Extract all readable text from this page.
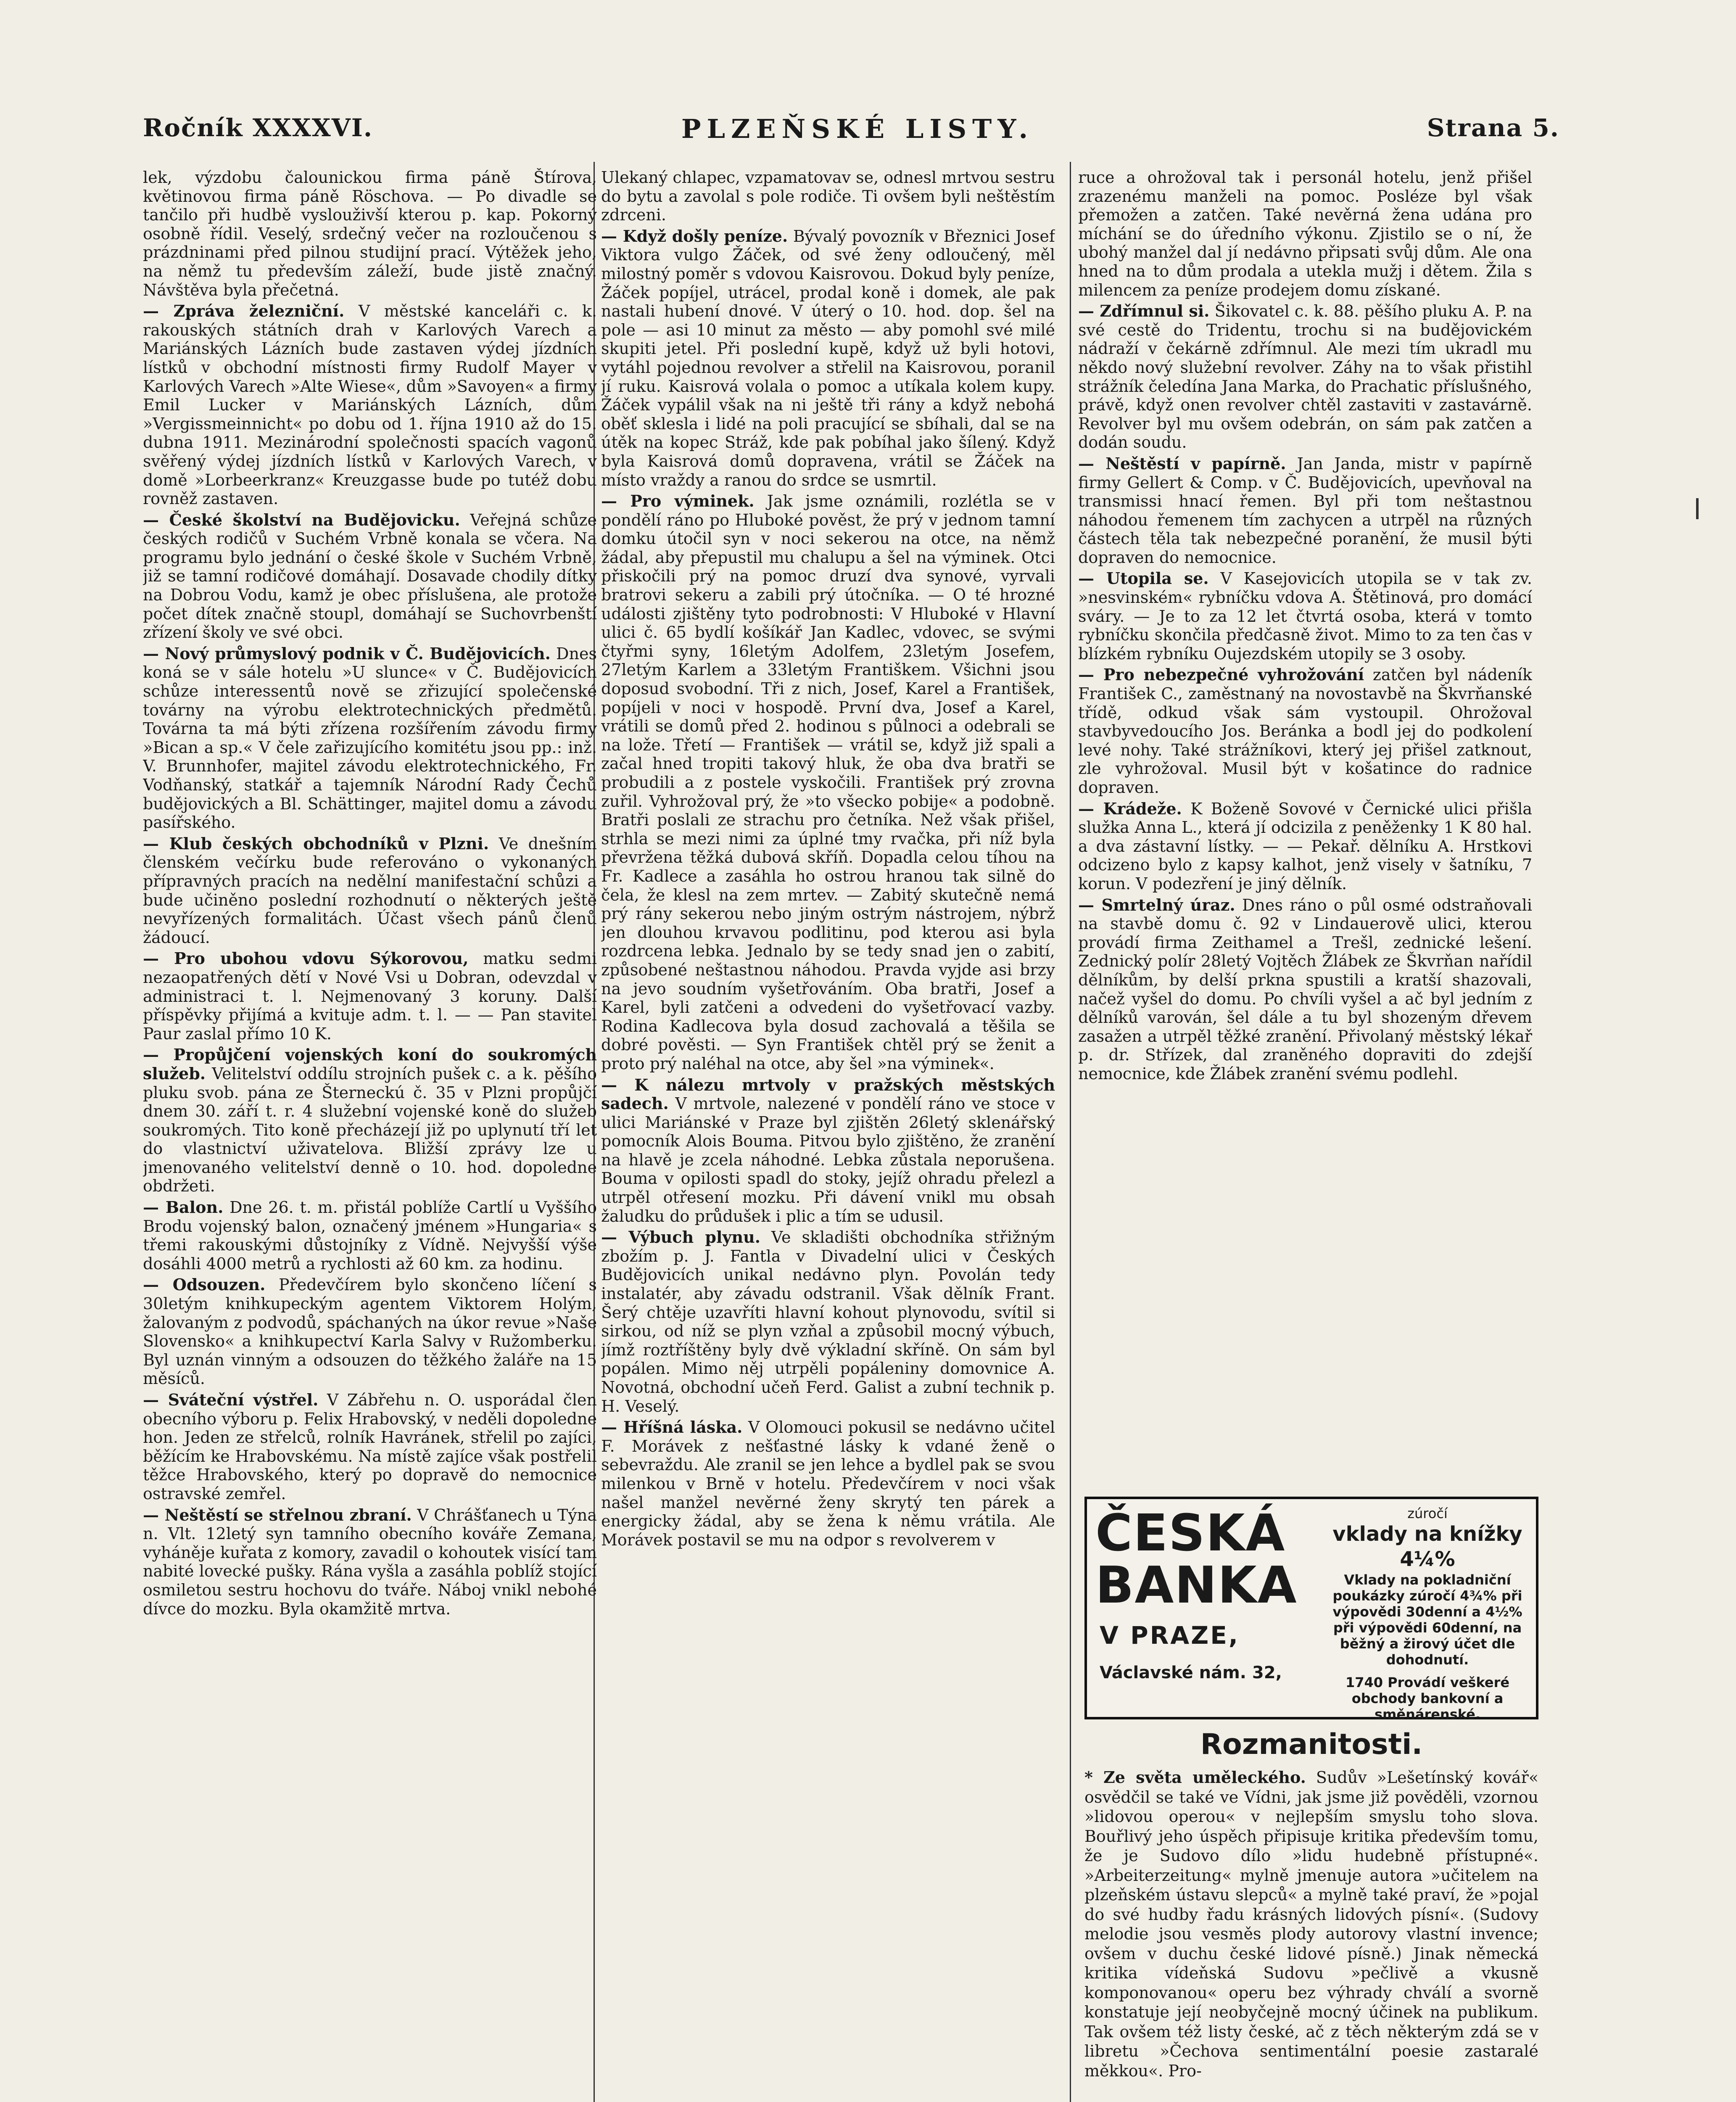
Ročník XXXXVI.	PLZEŇSKÉ LISTY.	Strana 5.

lek, výzdobu čalounickou firma páně Štírova, květinovou firma páně Röschova. — Po divadle se tančilo při hudbě vyslouživší kterou p. kap. Pokorný osobně řídil. Veselý, srdečný večer na rozloučenou s prázdninami před pilnou studijní prací. Výtěžek jeho, na němž tu především záleží, bude jistě značný. Návštěva byla přečetná.

— Zpráva železniční. V městské kanceláři c. k. rakouských státních drah v Karlových Varech a Mariánských Lázních bude zastaven výdej jízdních lístků v obchodní místnosti firmy Rudolf Mayer v Karlových Varech »Alte Wiese«, dům »Savoyen« a firmy Emil Lucker v Mariánských Lázních, dům »Vergissmeinnicht« po dobu od 1. října 1910 až do 15. dubna 1911. Mezinárodní společnosti spacích vagonů svěřený výdej jízdních lístků v Karlových Varech, v domě »Lorbeerkranz« Kreuzgasse bude po tutéž dobu rovněž zastaven.

— České školství na Budějovicku. Veřejná schůze českých rodičů v Suchém Vrbně konala se včera. Na programu bylo jednání o české škole v Suchém Vrbně, již se tamní rodičové domáhají. Dosavade chodily dítky na Dobrou Vodu, kamž je obec příslušena, ale protože počet dítek značně stoupl, domáhají se Suchovrbenští zřízení školy ve své obci.

— Nový průmyslový podnik v Č. Budějovicích. Dnes koná se v sále hotelu »U slunce« v Č. Budějovicích schůze interessentů nově se zřizující společenské továrny na výrobu elektrotechnických předmětů. Továrna ta má býti zřízena rozšířením závodu firmy »Bican a sp.« V čele zařizujícího komitétu jsou pp.: inž. V. Brunnhofer, majitel závodu elektrotechnického, Fr. Vodňanský, statkář a tajemník Národní Rady Čechů budějovických a Bl. Schättinger, majitel domu a závodu pasířského.

— Klub českých obchodníků v Plzni. Ve dnešním členském večírku bude referováno o vykonaných přípravných pracích na nedělní manifestační schůzi a bude učiněno poslední rozhodnutí o některých ještě nevyřízených formalitách. Účast všech pánů členů žádoucí.

— Pro ubohou vdovu Sýkorovou, matku sedmi nezaopatřených dětí v Nové Vsi u Dobran, odevzdal v administraci t. l. Nejmenovaný 3 koruny. Další příspěvky přijímá a kvituje adm. t. l. — — Pan stavitel Paur zaslal přímo 10 K.

— Propůjčení vojenských koní do soukromých služeb. Velitelství oddílu strojních pušek c. a k. pěšího pluku svob. pána ze Šterneckú č. 35 v Plzni propůjčí dnem 30. září t. r. 4 služební vojenské koně do služeb soukromých. Tito koně přecházejí již po uplynutí tří let do vlastnictví uživatelova. Bližší zprávy lze u jmenovaného velitelství denně o 10. hod. dopoledne obdržeti.

— Balon. Dne 26. t. m. přistál poblíže Cartlí u Vyššího Brodu vojenský balon, označený jménem »Hungaria« s třemi rakouskými důstojníky z Vídně. Nejvyšší výše dosáhli 4000 metrů a rychlosti až 60 km. za hodinu.

— Odsouzen. Předevčírem bylo skončeno líčení s 30letým knihkupeckým agentem Viktorem Holým, žalovaným z podvodů, spáchaných na úkor revue »Naše Slovensko« a knihkupectví Karla Salvy v Ružomberku. Byl uznán vinným a odsouzen do těžkého žaláře na 15 měsíců.

— Sváteční výstřel. V Zábřehu n. O. usporádal člen obecního výboru p. Felix Hrabovský, v neděli dopoledne hon. Jeden ze střelců, rolník Havránek, střelil po zajíci, běžícím ke Hrabovskému. Na místě zajíce však postřelil těžce Hrabovského, který po dopravě do nemocnice ostravské zemřel.

— Neštěstí se střelnou zbraní. V Chrášťanech u Týna n. Vlt. 12letý syn tamního obecního kováře Zemana, vyháněje kuřata z komory, zavadil o kohoutek visící tam nabité lovecké pušky. Rána vyšla a zasáhla poblíž stojící osmiletou sestru hochovu do tváře. Náboj vnikl nebohé dívce do mozku. Byla okamžitě mrtva.

Ulekaný chlapec, vzpamatovav se, odnesl mrtvou sestru do bytu a zavolal s pole rodiče. Ti ovšem byli neštěstím zdrceni.

— Když došly peníze. Bývalý povozník v Březnici Josef Viktora vulgo Žáček, od své ženy odloučený, měl milostný poměr s vdovou Kaisrovou. Dokud byly peníze, Žáček popíjel, utrácel, prodal koně i domek, ale pak nastali hubení dnové. V úterý o 10. hod. dop. šel na pole — asi 10 minut za město — aby pomohl své milé skupiti jetel. Při poslední kupě, když už byli hotovi, vytáhl pojednou revolver a střelil na Kaisrovou, poranil jí ruku. Kaisrová volala o pomoc a utíkala kolem kupy. Žáček vypálil však na ni ještě tři rány a když nebohá oběť sklesla i lidé na poli pracující se sbíhali, dal se na útěk na kopec Stráž, kde pak pobíhal jako šílený. Když byla Kaisrová domů dopravena, vrátil se Žáček na místo vraždy a ranou do srdce se usmrtil.

— Pro výminek. Jak jsme oznámili, rozlétla se v pondělí ráno po Hluboké pověst, že prý v jednom tamní domku útočil syn v noci sekerou na otce, na němž žádal, aby přepustil mu chalupu a šel na výminek. Otci přiskočili prý na pomoc druzí dva synové, vyrvali bratrovi sekeru a zabili prý útočníka. — O té hrozné události zjištěny tyto podrobnosti: V Hluboké v Hlavní ulici č. 65 bydlí košíkář Jan Kadlec, vdovec, se svými čtyřmi syny, 16letým Adolfem, 23letým Josefem, 27letým Karlem a 33letým Františkem. Všichni jsou doposud svobodní. Tři z nich, Josef, Karel a František, popíjeli v noci v hospodě. První dva, Josef a Karel, vrátili se domů před 2. hodinou s půlnoci a odebrali se na lože. Třetí — František — vrátil se, když již spali a začal hned tropiti takový hluk, že oba dva bratři se probudili a z postele vyskočili. František prý zrovna zuřil. Vyhrožoval prý, že »to všecko pobije« a podobně. Bratři poslali ze strachu pro četníka. Než však přišel, strhla se mezi nimi za úplné tmy rvačka, při níž byla převržena těžká dubová skříň. Dopadla celou tíhou na Fr. Kadlece a zasáhla ho ostrou hranou tak silně do čela, že klesl na zem mrtev. — Zabitý skutečně nemá prý rány sekerou nebo jiným ostrým nástrojem, nýbrž jen dlouhou krvavou podlitinu, pod kterou asi byla rozdrcena lebka. Jednalo by se tedy snad jen o zabití, způsobené neštastnou náhodou. Pravda vyjde asi brzy na jevo soudním vyšetřováním. Oba bratři, Josef a Karel, byli zatčeni a odvedeni do vyšetřovací vazby. Rodina Kadlecova byla dosud zachovalá a těšila se dobré pověsti. — Syn František chtěl prý se ženit a proto prý naléhal na otce, aby šel »na výminek«.

— K nálezu mrtvoly v pražských městských sadech. V mrtvole, nalezené v pondělí ráno ve stoce v ulici Mariánské v Praze byl zjištěn 26letý sklenářský pomocník Alois Bouma. Pitvou bylo zjištěno, že zranění na hlavě je zcela náhodné. Lebka zůstala neporušena. Bouma v opilosti spadl do stoky, jejíž ohradu přelezl a utrpěl otřesení mozku. Při dávení vnikl mu obsah žaludku do průdušek i plic a tím se udusil.

— Výbuch plynu. Ve skladišti obchodníka střižným zbožím p. J. Fantla v Divadelní ulici v Českých Budějovicích unikal nedávno plyn. Povolán tedy instalatér, aby závadu odstranil. Však dělník Frant. Šerý chtěje uzavříti hlavní kohout plynovodu, svítil si sirkou, od níž se plyn vzňal a způsobil mocný výbuch, jímž roztříštěny byly dvě výkladní skříně. On sám byl popálen. Mimo něj utrpěli popáleniny domovnice A. Novotná, obchodní učeň Ferd. Galist a zubní technik p. H. Veselý.

— Hříšná láska. V Olomouci pokusil se nedávno učitel F. Morávek z nešťastné lásky k vdané ženě o sebevraždu. Ale zranil se jen lehce a bydlel pak se svou milenkou v Brně v hotelu. Předevčírem v noci však našel manžel nevěrné ženy skrytý ten párek a energicky žádal, aby se žena k němu vrátila. Ale Morávek postavil se mu na odpor s revolverem v

ruce a ohrožoval tak i personál hotelu, jenž přišel zrazenému manželi na pomoc. Posléze byl však přemožen a zatčen. Také nevěrná žena udána pro míchání se do úředního výkonu. Zjistilo se o ní, že ubohý manžel dal jí nedávno připsati svůj dům. Ale ona hned na to dům prodala a utekla mužj i dětem. Žila s milencem za peníze prodejem domu získané.

— Zdřímnul si. Šikovatel c. k. 88. pěšího pluku A. P. na své cestě do Tridentu, trochu si na budějovickém nádraží v čekárně zdřímnul. Ale mezi tím ukradl mu někdo nový služební revolver. Záhy na to však přistihl strážník čeledína Jana Marka, do Prachatic příslušného, právě, když onen revolver chtěl zastaviti v zastavárně. Revolver byl mu ovšem odebrán, on sám pak zatčen a dodán soudu.

— Neštěstí v papírně. Jan Janda, mistr v papírně firmy Gellert & Comp. v Č. Budějovicích, upevňoval na transmissi hnací řemen. Byl při tom neštastnou náhodou řemenem tím zachycen a utrpěl na různých částech těla tak nebezpečné poranění, že musil býti dopraven do nemocnice.

— Utopila se. V Kasejovicích utopila se v tak zv. »nesvinském« rybníčku vdova A. Štětinová, pro domácí sváry. — Je to za 12 let čtvrtá osoba, která v tomto rybníčku skončila předčasně život. Mimo to za ten čas v blízkém rybníku Oujezdském utopily se 3 osoby.

— Pro nebezpečné vyhrožování zatčen byl nádeník František C., zaměstnaný na novostavbě na Škvrňanské třídě, odkud však sám vystoupil. Ohrožoval stavbyvedoucího Jos. Beránka a bodl jej do podkolení levé nohy. Také strážníkovi, který jej přišel zatknout, zle vyhrožoval. Musil být v košatince do radnice dopraven.

— Krádeže. K Boženě Sovové v Černické ulici přišla služka Anna L., která jí odcizila z peněženky 1 K 80 hal. a dva zástavní lístky. — — Pekař. dělníku A. Hrstkovi odcizeno bylo z kapsy kalhot, jenž visely v šatníku, 7 korun. V podezření je jiný dělník.

— Smrtelný úraz. Dnes ráno o půl osmé odstraňovali na stavbě domu č. 92 v Lindauerově ulici, kterou provádí firma Zeithamel a Trešl, zednické lešení. Zednický polír 28letý Vojtěch Žlábek ze Škvrňan nařídil dělníkům, by delší prkna spustili a kratší shazovali, načež vyšel do domu. Po chvíli vyšel a ač byl jedním z dělníků varován, šel dále a tu byl shozeným dřevem zasažen a utrpěl těžké zranění. Přivolaný městský lékař p. dr. Střízek, dal zraněného dopraviti do zdejší nemocnice, kde Žlábek zranění svému podlehl.

ČESKÁ BANKA
V PRAZE,
Václavské nám. 32,
zúročí
vklady na knížky 4¼%
Vklady na pokladniční poukázky zúročí 4¾% při výpovědi 30denní a 4½% při výpovědi 60denní, na běžný a žirový účet dle dohodnutí.
1740 Provádí veškeré obchody bankovní a směnárenské.
Rozmanitosti.
* Ze světa uměleckého. Sudův »Lešetínský kovář« osvědčil se také ve Vídni, jak jsme již pověděli, vzornou »lidovou operou« v nejlepším smyslu toho slova. Bouřlivý jeho úspěch připisuje kritika především tomu, že je Sudovo dílo »lidu hudebně přístupné«. »Arbeiterzeitung« mylně jmenuje autora »učitelem na plzeňském ústavu slepců« a mylně také praví, že »pojal do své hudby řadu krásných lidových písní«. (Sudovy melodie jsou vesměs plody autorovy vlastní invence; ovšem v duchu české lidové písně.) Jinak německá kritika vídeňská Sudovu »pečlivě a vkusně komponovanou« operu bez výhrady chválí a svorně konstatuje její neobyčejně mocný účinek na publikum. Tak ovšem též listy české, ač z těch některým zdá se v libretu »Čechova sentimentální poesie zastaralé měkkou«. Pro-
